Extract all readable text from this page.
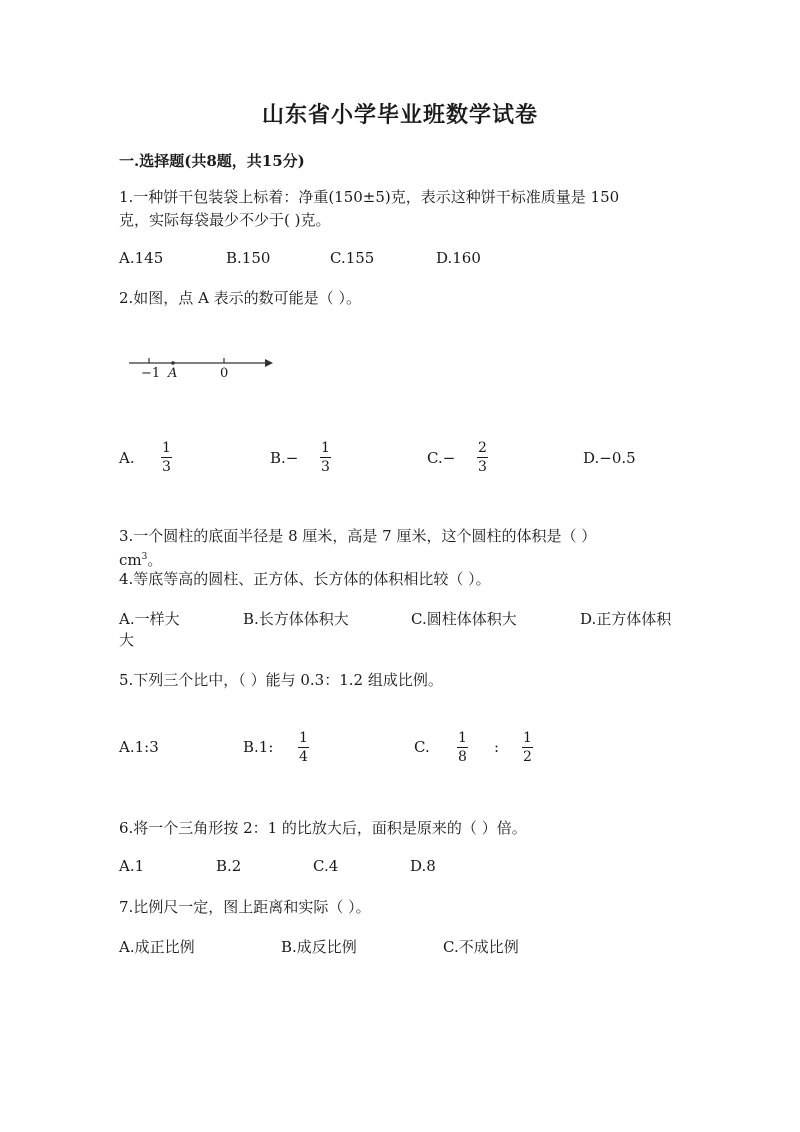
山东省小学毕业班数学试卷
一.选择题(共8题，共15分)
1.一种饼干包装袋上标着：净重(150±5)克，表示这种饼干标准质量是 150
克，实际每袋最少不少于( )克。
A.145	B.150	C.155	D.160
2.如图，点 A 表示的数可能是（ ）。
−1 A	0
A.
1
3	B.−
1
3	C.−
2
3	D.−0.5
3.一个圆柱的底面半径是 8 厘米，高是 7 厘米，这个圆柱的体积是（ ）
$cm^3$。
4.等底等高的圆柱、正方体、长方体的体积相比较（ ）。
A.一样大	B.长方体体积大	C.圆柱体体积大	D.正方体体积
大
5.下列三个比中，（ ）能与 0.3：1.2 组成比例。
A.1:3	B.1: 1
4
C. 1
8
: 1
2
6.将一个三角形按 2：1 的比放大后，面积是原来的（ ）倍。
A.1	B.2	C.4	D.8
7.比例尺一定，图上距离和实际（ ）。
A.成正比例	B.成反比例	C.不成比例
